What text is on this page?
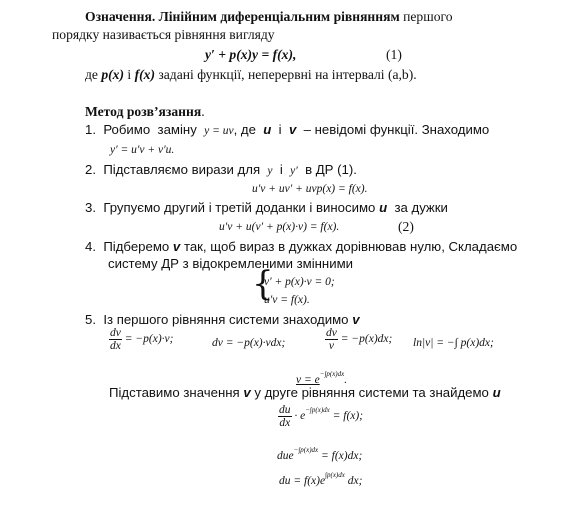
Означення. Лінійним диференціальним рівнянням першого
порядку називається рівняння вигляду
y′ + p(x)y = f(x),	(1)
де p(x) і f(x) задані функції, неперервні на інтервалі (a,b).
Метод розв’язання.
1. Робимо заміну y = uv, де u і v – невідомі функції. Знаходимо
y′ = u′v + v′u.
2. Підставляємо вирази для y і y′ в ДР (1).
u′v + uv′ + uvp(x) = f(x).
3. Групуємо другий і третій доданки і виносимо u за дужки
u′v + u(v′ + p(x)·v) = f(x).	(2)
4. Підберемо v так, щоб вираз в дужках дорівнював нулю, Складаємо
систему ДР з відокремленими змінними
{
v′ + p(x)·v = 0;
u′v = f(x).
5. Із першого рівняння системи знаходимо v
$\frac{dv}{dx} = -p(x)\cdot v$;	dv = −p(x)·vdx;	$\frac{dv}{v} = -p(x)dx$; ln|v| = −∫ p(x)dx;
$v = e^{-\int p(x)dx}$.
Підставимо значення v у друге рівняння системи та знайдемо u
$\frac{du}{dx} \cdot e^{-\int p(x)dx} = f(x)$;
due$^{-\int p(x)dx}$ = f(x)dx;
du = $f(x)e^{\int p(x)dx}$ dx;
